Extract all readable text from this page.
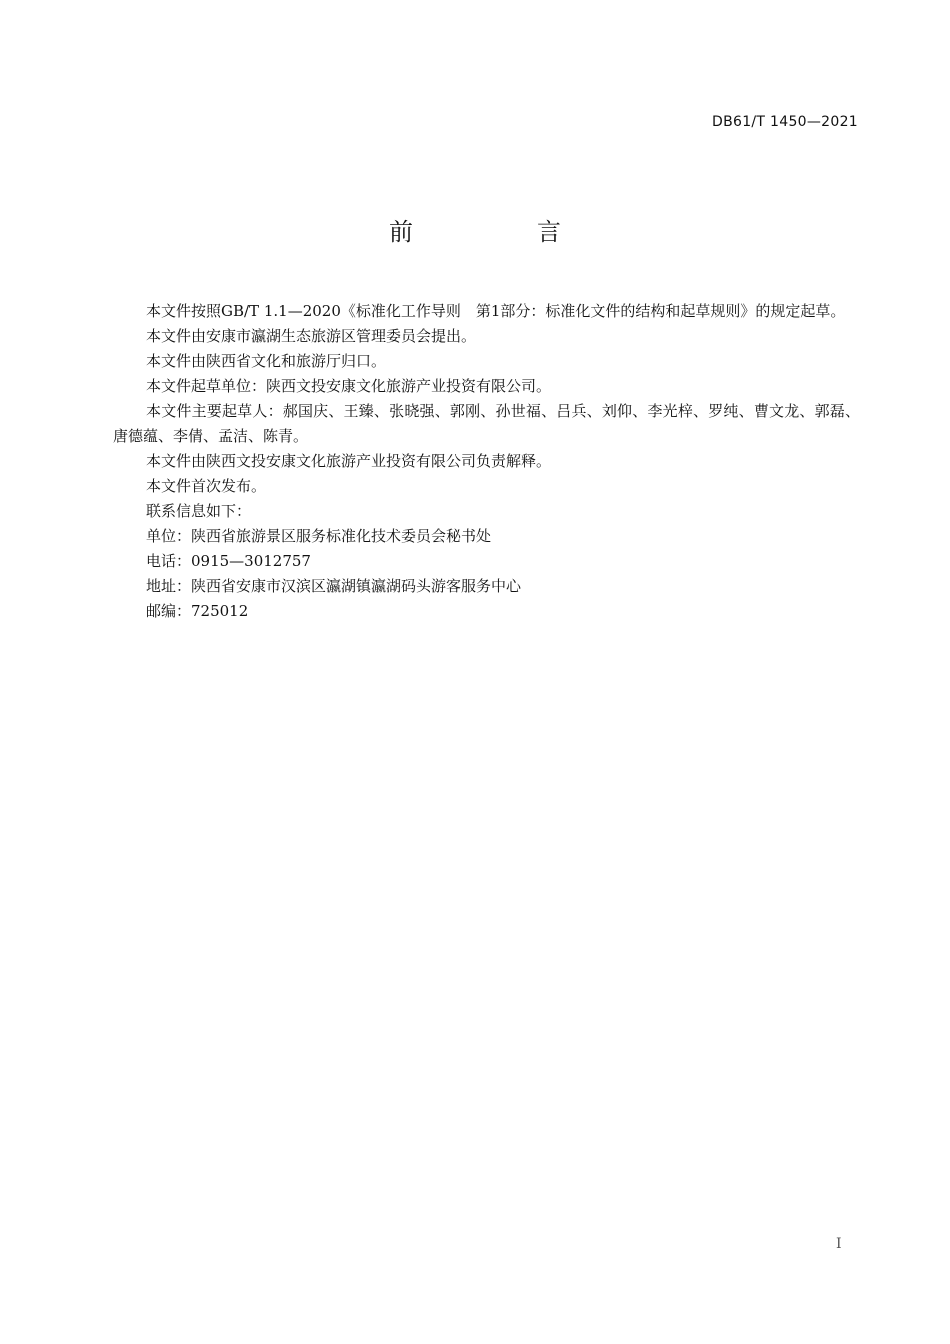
DB61/T 1450—2021
前　言

本文件按照GB/T 1.1—2020《标准化工作导则　第1部分：标准化文件的结构和起草规则》的规定起草。

本文件由安康市瀛湖生态旅游区管理委员会提出。

本文件由陕西省文化和旅游厅归口。

本文件起草单位：陕西文投安康文化旅游产业投资有限公司。

本文件主要起草人：郝国庆、王臻、张晓强、郭刚、孙世福、吕兵、刘仰、李光梓、罗纯、曹文龙、郭磊、唐德蕴、李倩、孟洁、陈青。

本文件由陕西文投安康文化旅游产业投资有限公司负责解释。

本文件首次发布。

联系信息如下：

单位：陕西省旅游景区服务标准化技术委员会秘书处

电话：0915—3012757

地址：陕西省安康市汉滨区瀛湖镇瀛湖码头游客服务中心

邮编：725012

I
